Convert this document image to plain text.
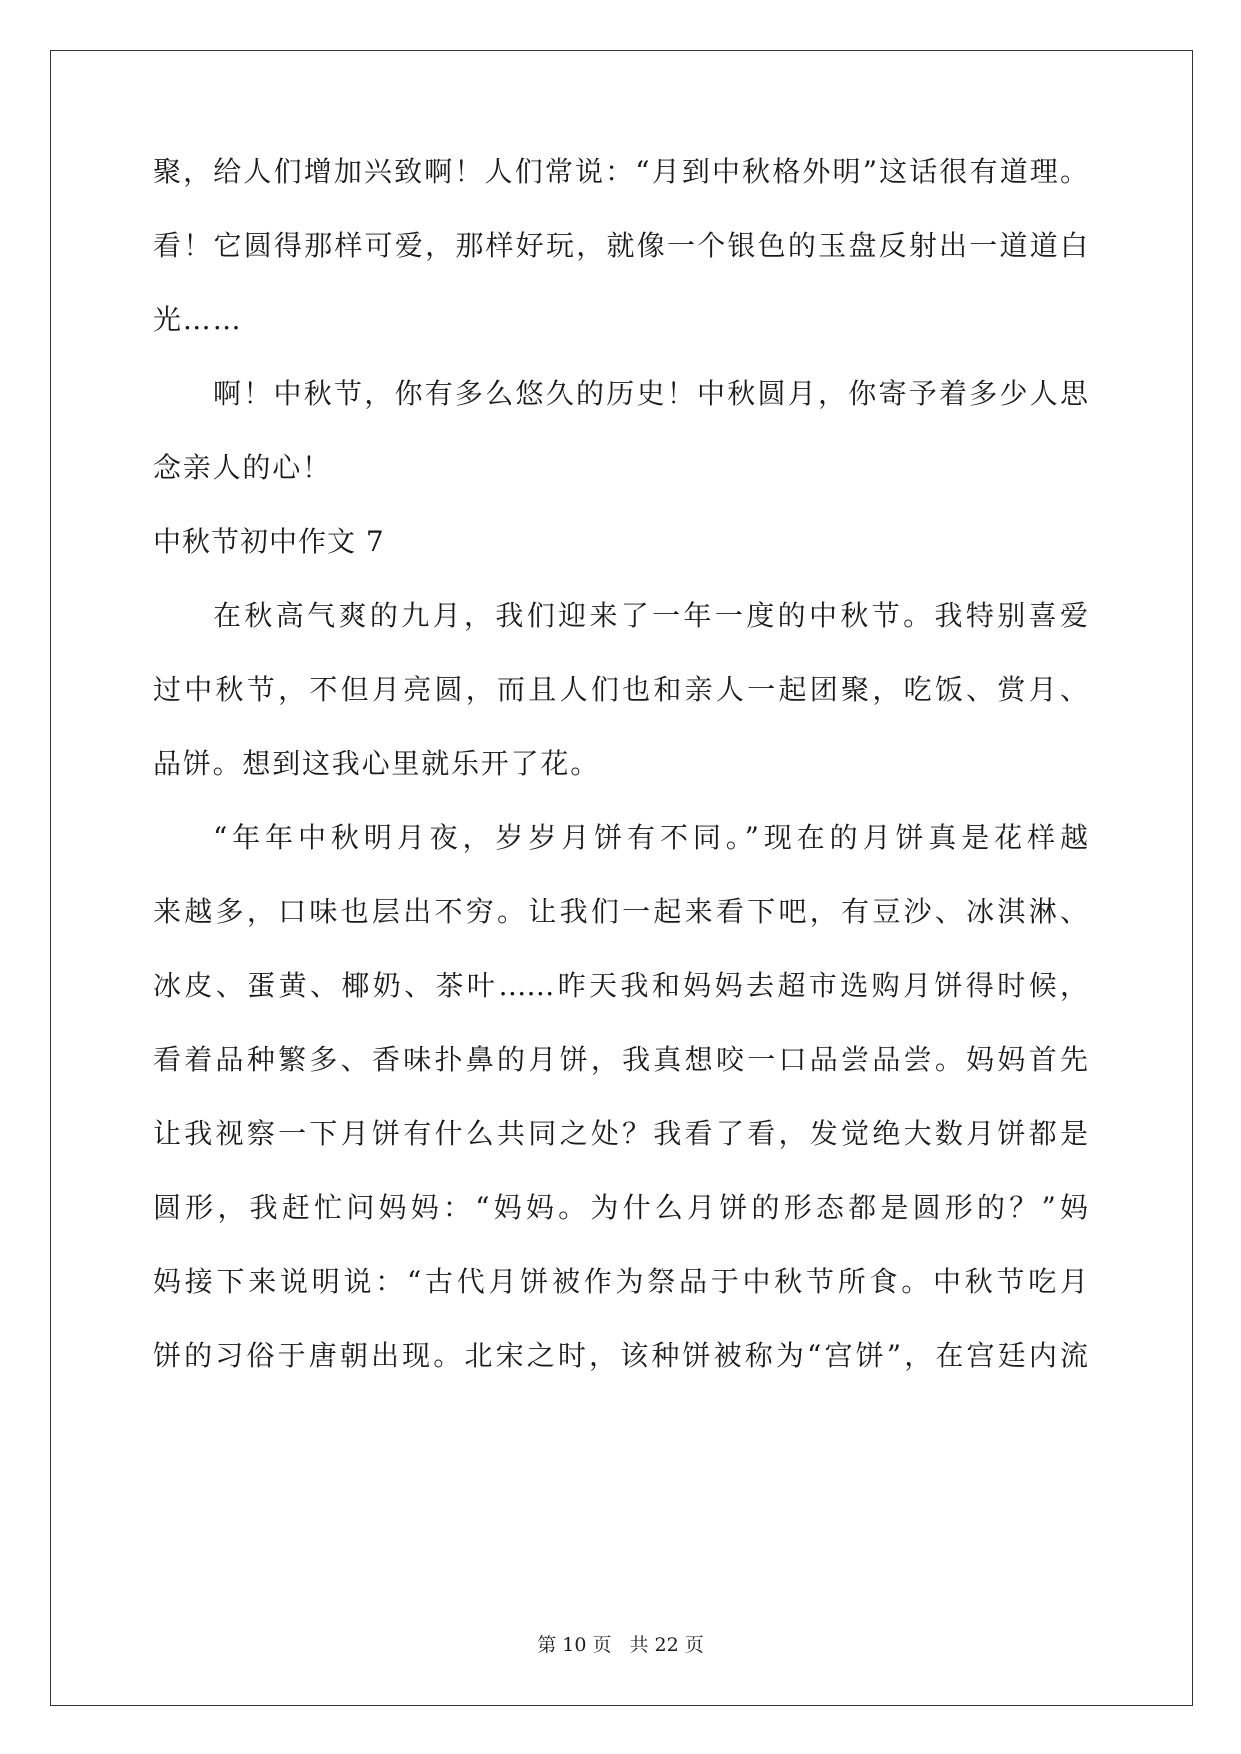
聚，给人们增加兴致啊！人们常说：“月到中秋格外明”这话很有道理。
看！它圆得那样可爱，那样好玩，就像一个银色的玉盘反射出一道道白
光……
啊！中秋节，你有多么悠久的历史！中秋圆月，你寄予着多少人思
念亲人的心！
中秋节初中作文 7
在秋高气爽的九月，我们迎来了一年一度的中秋节。我特别喜爱
过中秋节，不但月亮圆，而且人们也和亲人一起团聚，吃饭、赏月、
品饼。想到这我心里就乐开了花。
“年年中秋明月夜，岁岁月饼有不同。”现在的月饼真是花样越
来越多，口味也层出不穷。让我们一起来看下吧，有豆沙、冰淇淋、
冰皮、蛋黄、椰奶、茶叶……昨天我和妈妈去超市选购月饼得时候，
看着品种繁多、香味扑鼻的月饼，我真想咬一口品尝品尝。妈妈首先
让我视察一下月饼有什么共同之处？我看了看，发觉绝大数月饼都是
圆形，我赶忙问妈妈：“妈妈。为什么月饼的形态都是圆形的？”妈
妈接下来说明说：“古代月饼被作为祭品于中秋节所食。中秋节吃月
饼的习俗于唐朝出现。北宋之时，该种饼被称为“宫饼”，在宫廷内流
第 10 页 共 22 页
